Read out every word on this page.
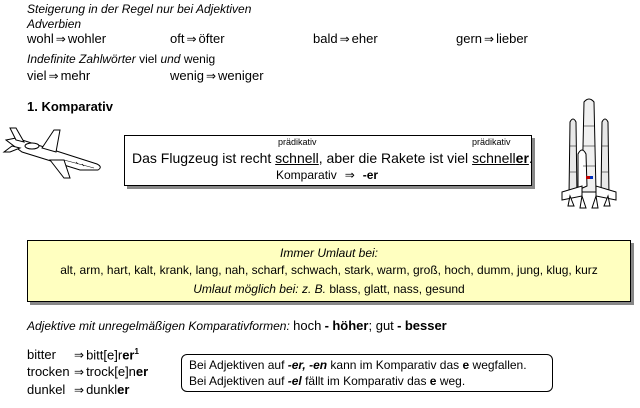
Steigerung in der Regel nur bei Adjektiven
Adverbien
wohl ⇒ wohler	oft ⇒ öfter	bald ⇒ eher	gern ⇒ lieber
Indefinite Zahlwörter viel und wenig
viel ⇒ mehr	wenig ⇒ weniger
1. Komparativ
prädikativ	prädikativ
Das Flugzeug ist recht schnell, aber die Rakete ist viel schneller.
Komparativ ⇒ -er
Immer Umlaut bei:
alt, arm, hart, kalt, krank, lang, nah, scharf, schwach, stark, warm, groß, hoch, dumm, jung, klug, kurz
Umlaut möglich bei: z. B. blass, glatt, nass, gesund
Adjektive mit unregelmäßigen Komparativformen: hoch - höher; gut - besser
bitter ⇒ bitt[e]rer$^1$
trocken ⇒ trock[e]ner
dunkel ⇒ dunkler
Bei Adjektiven auf -er, -en kann im Komparativ das e wegfallen.
Bei Adjektiven auf -el fällt im Komparativ das e weg.
